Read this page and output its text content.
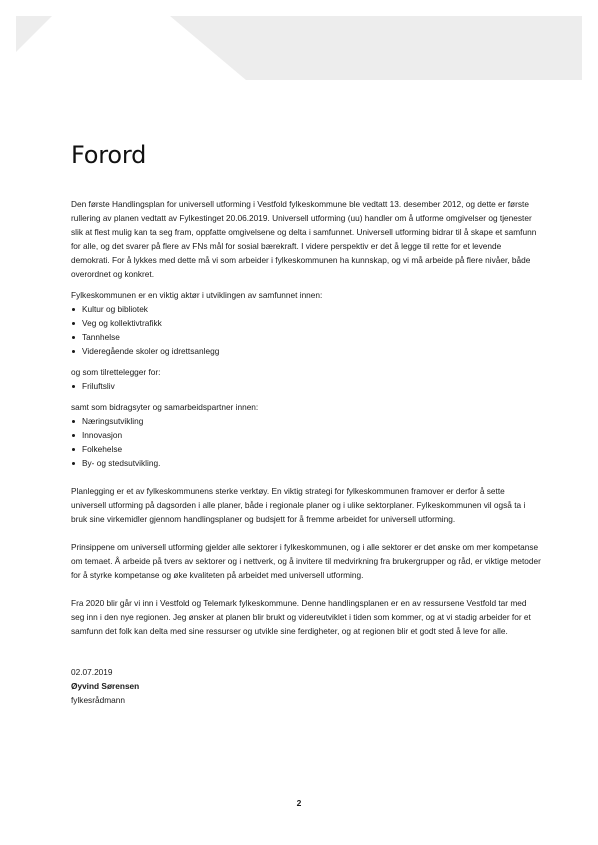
Forord

Den første Handlingsplan for universell utforming i Vestfold fylkeskommune ble vedtatt 13. desember 2012, og dette er første rullering av planen vedtatt av Fylkestinget 20.06.2019. Universell utforming (uu) handler om å utforme omgivelser og tjenester slik at flest mulig kan ta seg fram, oppfatte omgivelsene og delta i samfunnet. Universell utforming bidrar til å skape et samfunn for alle, og det svarer på flere av FNs mål for sosial bærekraft. I videre perspektiv er det å legge til rette for et levende demokrati. For å lykkes med dette må vi som arbeider i fylkeskommunen ha kunnskap, og vi må arbeide på flere nivåer, både overordnet og konkret.

Fylkeskommunen er en viktig aktør i utviklingen av samfunnet innen:

Kultur og bibliotek
Veg og kollektivtrafikk
Tannhelse
Videregående skoler og idrettsanlegg

og som tilrettelegger for:

Friluftsliv

samt som bidragsyter og samarbeidspartner innen:

Næringsutvikling
Innovasjon
Folkehelse
By- og stedsutvikling.

Planlegging er et av fylkeskommunens sterke verktøy. En viktig strategi for fylkeskommunen framover er derfor å sette universell utforming på dagsorden i alle planer, både i regionale planer og i ulike sektorplaner. Fylkeskommunen vil også ta i bruk sine virkemidler gjennom handlingsplaner og budsjett for å fremme arbeidet for universell utforming.

Prinsippene om universell utforming gjelder alle sektorer i fylkeskommunen, og i alle sektorer er det ønske om mer kompetanse om temaet. Å arbeide på tvers av sektorer og i nettverk, og å invitere til medvirkning fra brukergrupper og råd, er viktige metoder for å styrke kompetanse og øke kvaliteten på arbeidet med universell utforming.

Fra 2020 blir går vi inn i Vestfold og Telemark fylkeskommune. Denne handlingsplanen er en av ressursene Vestfold tar med seg inn i den nye regionen. Jeg ønsker at planen blir brukt og videreutviklet i tiden som kommer, og at vi stadig arbeider for et samfunn det folk kan delta med sine ressurser og utvikle sine ferdigheter, og at regionen blir et godt sted å leve for alle.

02.07.2019
Øyvind Sørensen
fylkesrådmann
2
